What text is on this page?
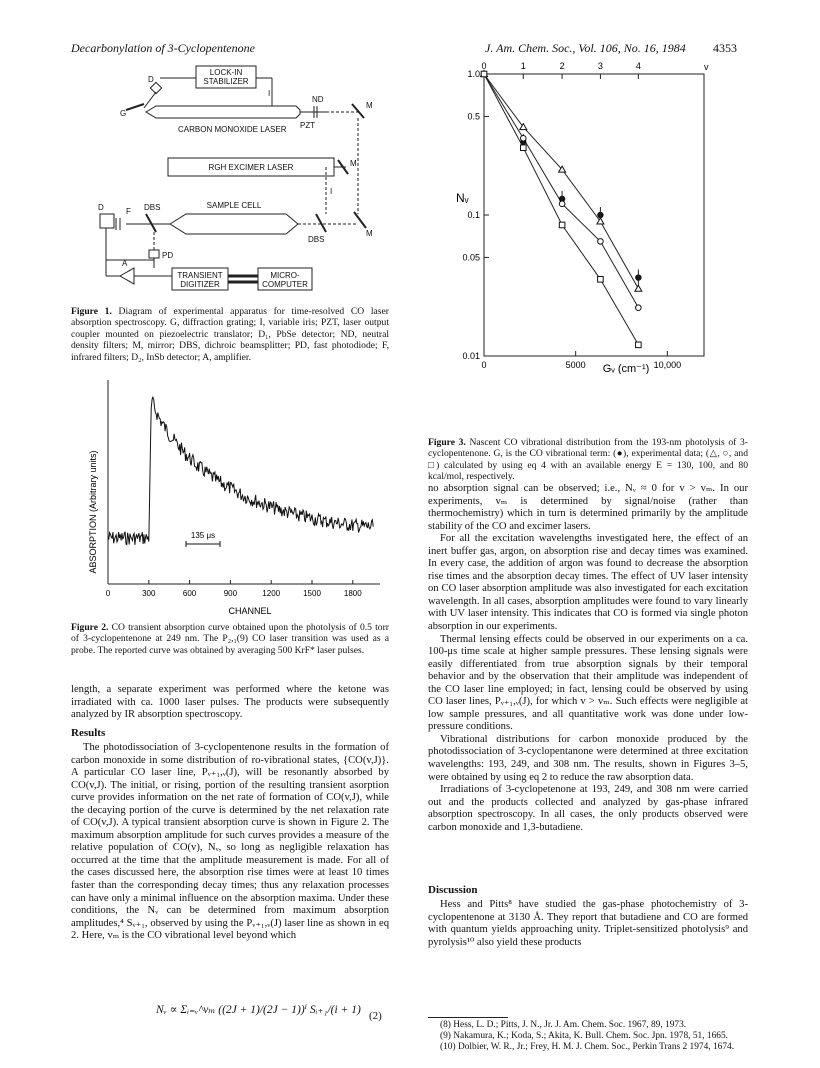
Decarbonylation of 3-Cyclopentenone	J. Am. Chem. Soc., Vol. 106, No. 16, 1984 4353
LOCK-IN
STABILIZER
CARBON MONOXIDE LASER
RGH EXCIMER LASER
SAMPLE CELL
TRANSIENT
DIGITIZER
MICRO-
COMPUTER
D
G
I
ND
M
PZT
M
I
D	F DBS
DBS
M
PD
A
Figure 1. Diagram of experimental apparatus for time-resolved CO laser absorption spectroscopy. G, diffraction grating; I, variable iris; PZT, laser output coupler mounted on piezoelectric translator; D₁, PbSe detector; ND, neutral density filters; M, mirror; DBS, dichroic beamsplitter; PD, fast photodiode; F, infrared filters; D₂, InSb detector; A, amplifier.
ABSORPTION (Arbitrary units)
0	300	600	900	1200	1500	1800
135 μs
CHANNEL
Figure 2. CO transient absorption curve obtained upon the photolysis of 0.5 torr of 3-cyclopentenone at 249 nm. The P₂,₁(9) CO laser transition was used as a probe. The reported curve was obtained by averaging 500 KrF* laser pulses.

length, a separate experiment was performed where the ketone was irradiated with ca. 1000 laser pulses. The products were subsequently analyzed by IR absorption spectroscopy.

Results

The photodissociation of 3-cyclopentenone results in the formation of carbon monoxide in some distribution of ro-vibrational states, {CO(v,J)}. A particular CO laser line, Pᵥ₊₁,ᵥ(J), will be resonantly absorbed by CO(v,J). The initial, or rising, portion of the resulting transient asorption curve provides information on the net rate of formation of CO(v,J), while the decaying portion of the curve is determined by the net relaxation rate of CO(v,J). A typical transient absorption curve is shown in Figure 2. The maximum absorption amplitude for such curves provides a measure of the relative population of CO(v), Nᵥ, so long as negligible relaxation has occurred at the time that the amplitude measurement is made. For all of the cases discussed here, the absorption rise times were at least 10 times faster than the corresponding decay times; thus any relaxation processes can have only a minimal influence on the absorption maxima. Under these conditions, the Nᵥ can be determined from maximum absorption amplitudes,⁴ Sᵥ₊₁, observed by using the Pᵥ₊₁,ᵥ(J) laser line as shown in eq 2. Here, vₘ is the CO vibrational level beyond which

Nᵥ ∝ Σᵢ₌ᵥ^vₘ ((2J + 1)/(2J − 1))ⁱ Sᵢ₊₁/(i + 1) (2)
1.0
0.5
0.1
0.05
0.01
0	5000	10,000
0	1	2	3	4	v
Nᵥ
Gᵥ (cm⁻¹)
Figure 3. Nascent CO vibrational distribution from the 193-nm photolysis of 3-cyclopentenone. G, is the CO vibrational term: (●), experimental data; (△, ○, and □) calculated by using eq 4 with an available energy E = 130, 100, and 80 kcal/mol, respectively.

no absorption signal can be observed; i.e., Nᵥ ≈ 0 for v > vₘ. In our experiments, vₘ is determined by signal/noise (rather than thermochemistry) which in turn is determined primarily by the amplitude stability of the CO and excimer lasers.

For all the excitation wavelengths investigated here, the effect of an inert buffer gas, argon, on absorption rise and decay times was examined. In every case, the addition of argon was found to decrease the absorption rise times and the absorption decay times. The effect of UV laser intensity on CO laser absorption amplitude was also investigated for each excitation wavelength. In all cases, absorption amplitudes were found to vary linearly with UV laser intensity. This indicates that CO is formed via single photon absorption in our experiments.

Thermal lensing effects could be observed in our experiments on a ca. 100-μs time scale at higher sample pressures. These lensing signals were easily differentiated from true absorption signals by their temporal behavior and by the observation that their amplitude was independent of the CO laser line employed; in fact, lensing could be observed by using CO laser lines, Pᵥ₊₁,ᵥ(J), for which v > vₘ. Such effects were negligible at low sample pressures, and all quantitative work was done under low-pressure conditions.

Vibrational distributions for carbon monoxide produced by the photodissociation of 3-cyclopentanone were determined at three excitation wavelengths: 193, 249, and 308 nm. The results, shown in Figures 3–5, were obtained by using eq 2 to reduce the raw absorption data.

Irradiations of 3-cyclopetenone at 193, 249, and 308 nm were carried out and the products collected and analyzed by gas-phase infrared absorption spectroscopy. In all cases, the only products observed were carbon monoxide and 1,3-butadiene.

Discussion

Hess and Pitts⁸ have studied the gas-phase photochemistry of 3-cyclopentenone at 3130 Å. They report that butadiene and CO are formed with quantum yields approaching unity. Triplet-sensitized photolysis⁹ and pyrolysis¹⁰ also yield these products

(8) Hess, L. D.; Pitts, J. N., Jr. J. Am. Chem. Soc. 1967, 89, 1973.
(9) Nakamura, K.; Koda, S.; Akita, K. Bull. Chem. Soc. Jpn. 1978, 51, 1665.
(10) Dolbier, W. R., Jr.; Frey, H. M. J. Chem. Soc., Perkin Trans 2 1974, 1674.
